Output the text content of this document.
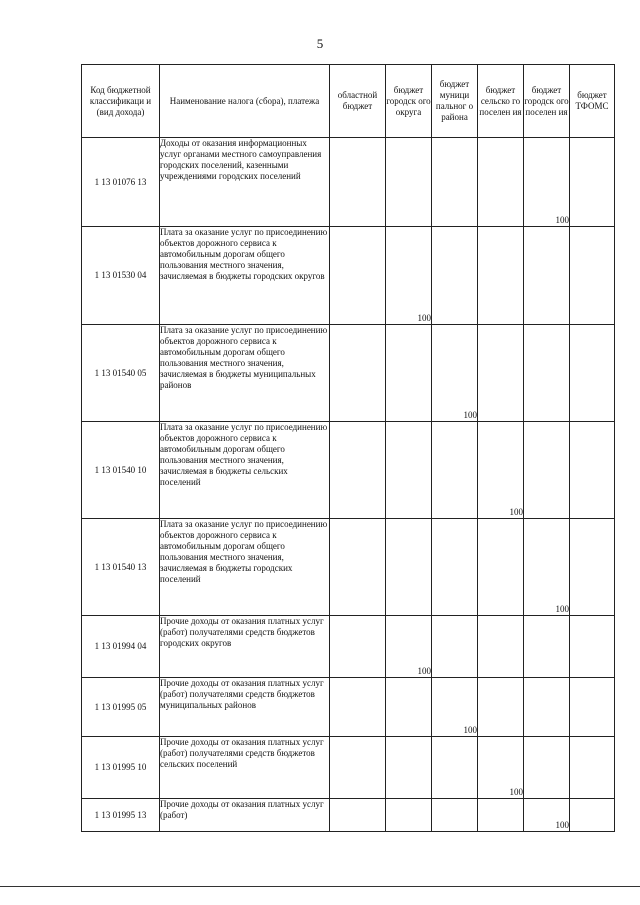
5
Код бюджетной классификаци и (вид дохода)	Наименование налога (сбора), платежа	областной бюджет	бюджет городск ого округа	бюджет муници пальног о района	бюджет сельско го поселен ия	бюджет городск ого поселен ия	бюджет ТФОМС
1 13 01076 13	Доходы от оказания информационных услуг органами местного самоуправления городских поселений, казенными учреждениями городских поселений					100	
1 13 01530 04	Плата за оказание услуг по присоединению объектов дорожного сервиса к автомобильным дорогам общего пользования местного значения, зачисляемая в бюджеты городских округов		100				
1 13 01540 05	Плата за оказание услуг по присоединению объектов дорожного сервиса к автомобильным дорогам общего пользования местного значения, зачисляемая в бюджеты муниципальных районов			100			
1 13 01540 10	Плата за оказание услуг по присоединению объектов дорожного сервиса к автомобильным дорогам общего пользования местного значения, зачисляемая в бюджеты сельских поселений				100		
1 13 01540 13	Плата за оказание услуг по присоединению объектов дорожного сервиса к автомобильным дорогам общего пользования местного значения, зачисляемая в бюджеты городских поселений					100	
1 13 01994 04	Прочие доходы от оказания платных услуг (работ) получателями средств бюджетов городских округов		100				
1 13 01995 05	Прочие доходы от оказания платных услуг (работ) получателями средств бюджетов муниципальных районов			100			
1 13 01995 10	Прочие доходы от оказания платных услуг (работ) получателями средств бюджетов сельских поселений				100		
1 13 01995 13	Прочие доходы от оказания платных услуг (работ)					100	
